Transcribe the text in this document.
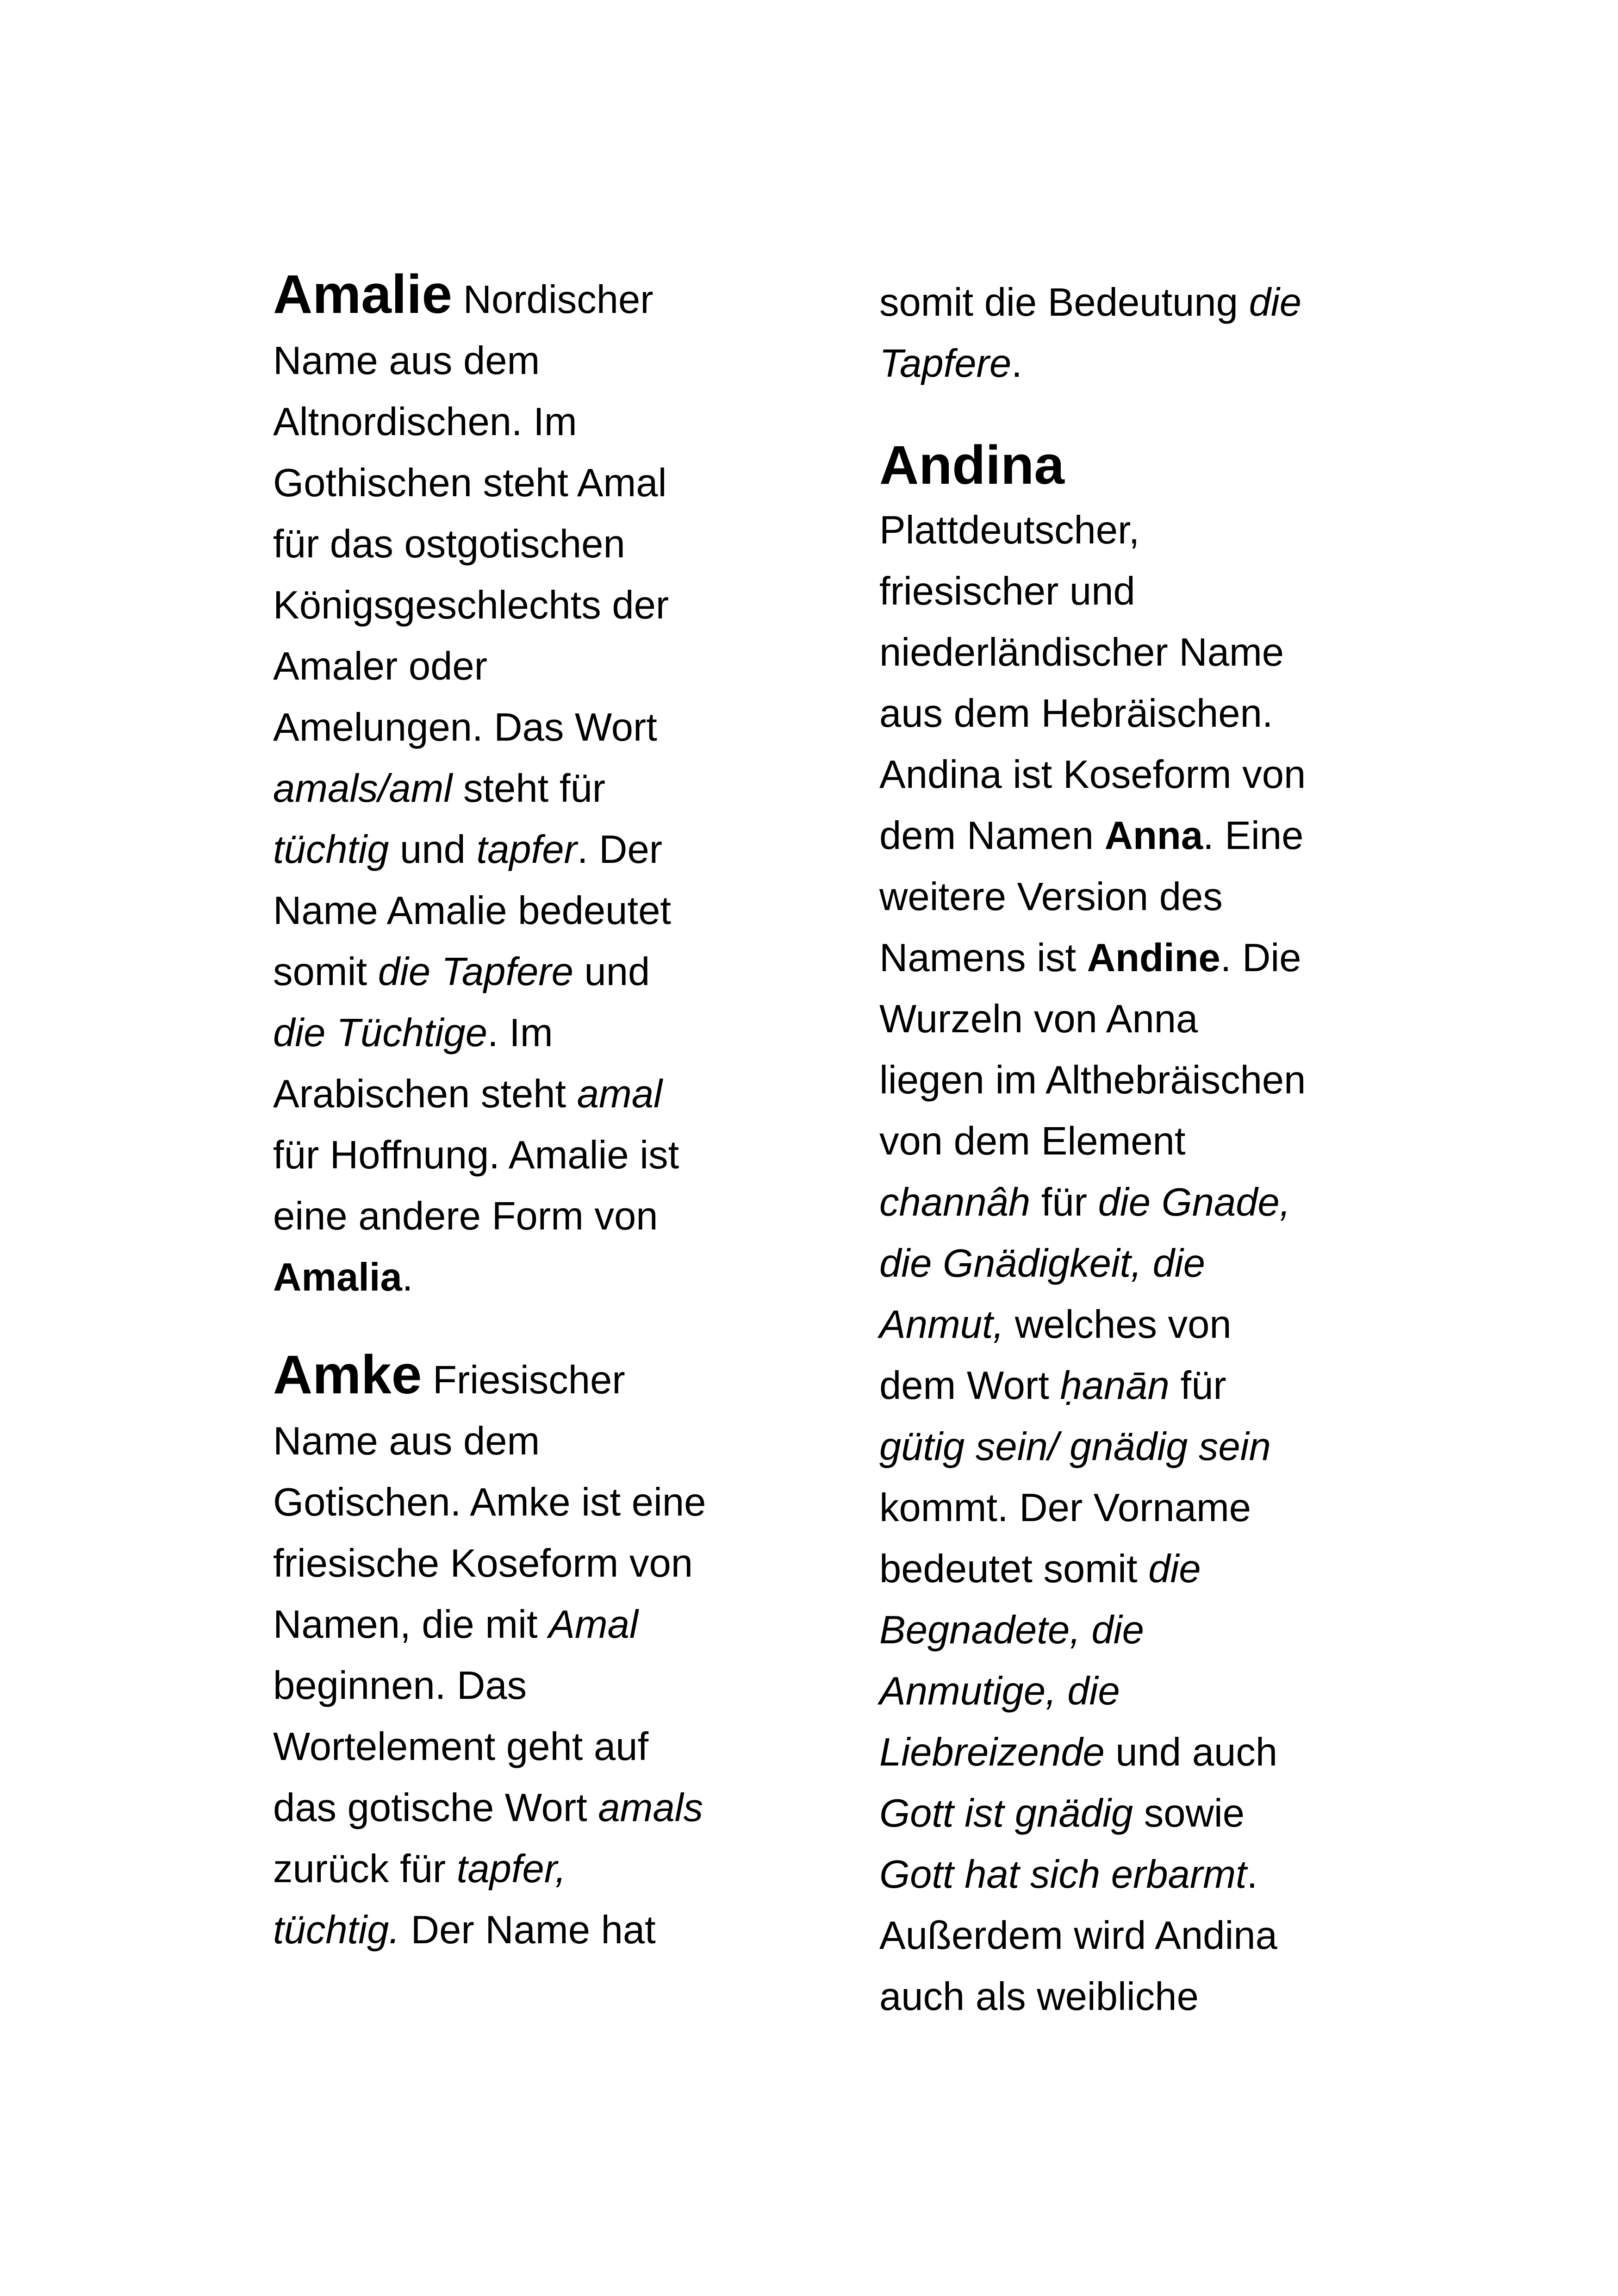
Amalie Nordischer
Name aus dem
Altnordischen. Im
Gothischen steht Amal
für das ostgotischen
Königsgeschlechts der
Amaler oder
Amelungen. Das Wort
amals/aml steht für
tüchtig und tapfer. Der
Name Amalie bedeutet
somit die Tapfere und
die Tüchtige. Im
Arabischen steht amal
für Hoffnung. Amalie ist
eine andere Form von
Amalia.
Amke Friesischer
Name aus dem
Gotischen. Amke ist eine
friesische Koseform von
Namen, die mit Amal
beginnen. Das
Wortelement geht auf
das gotische Wort amals
zurück für tapfer,
tüchtig. Der Name hat
somit die Bedeutung die
Tapfere.
Andina
Plattdeutscher,
friesischer und
niederländischer Name
aus dem Hebräischen.
Andina ist Koseform von
dem Namen Anna. Eine
weitere Version des
Namens ist Andine. Die
Wurzeln von Anna
liegen im Althebräischen
von dem Element
channâh für die Gnade,
die Gnädigkeit, die
Anmut, welches von
dem Wort ḥanān für
gütig sein/ gnädig sein
kommt. Der Vorname
bedeutet somit die
Begnadete, die
Anmutige, die
Liebreizende und auch
Gott ist gnädig sowie
Gott hat sich erbarmt.
Außerdem wird Andina
auch als weibliche
